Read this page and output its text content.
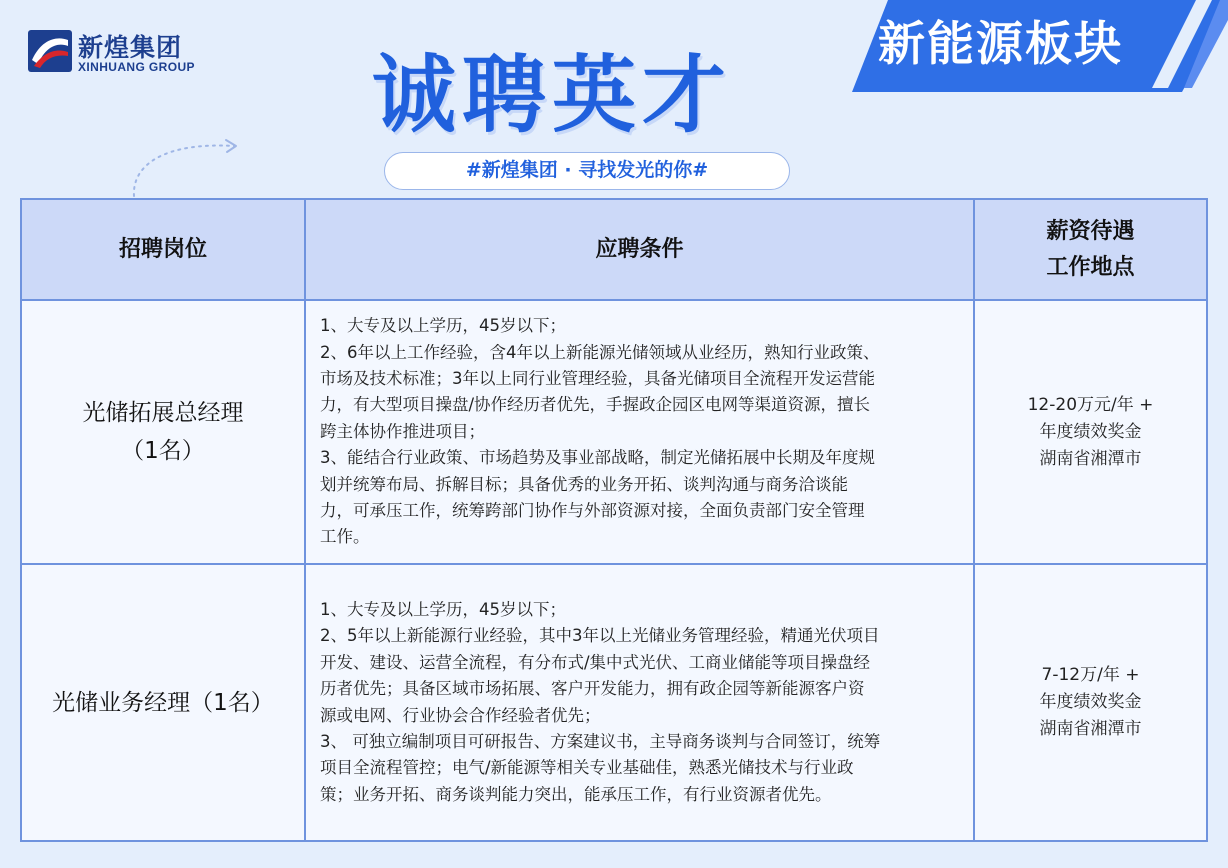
新煌集团
XINHUANG GROUP 诚聘英才
#新煌集团 · 寻找发光的你#
新能源板块
招聘岗位	应聘条件
薪资待遇
工作地点
光储拓展总经理
（1名）
1、大专及以上学历，45岁以下；
2、6年以上工作经验，含4年以上新能源光储领域从业经历，熟知行业政策、
市场及技术标准；3年以上同行业管理经验，具备光储项目全流程开发运营能
力，有大型项目操盘/协作经历者优先，手握政企园区电网等渠道资源，擅长
跨主体协作推进项目；
3、能结合行业政策、市场趋势及事业部战略，制定光储拓展中长期及年度规
划并统筹布局、拆解目标；具备优秀的业务开拓、谈判沟通与商务洽谈能
力，可承压工作，统筹跨部门协作与外部资源对接，全面负责部门安全管理
工作。
12-20万元/年 +
年度绩效奖金
湖南省湘潭市
光储业务经理（1名）
1、大专及以上学历，45岁以下；
2、5年以上新能源行业经验，其中3年以上光储业务管理经验，精通光伏项目
开发、建设、运营全流程，有分布式/集中式光伏、工商业储能等项目操盘经
历者优先；具备区域市场拓展、客户开发能力，拥有政企园等新能源客户资
源或电网、行业协会合作经验者优先；
3、 可独立编制项目可研报告、方案建议书，主导商务谈判与合同签订，统筹
项目全流程管控；电气/新能源等相关专业基础佳，熟悉光储技术与行业政
策；业务开拓、商务谈判能力突出，能承压工作，有行业资源者优先。
7-12万/年 +
年度绩效奖金
湖南省湘潭市
